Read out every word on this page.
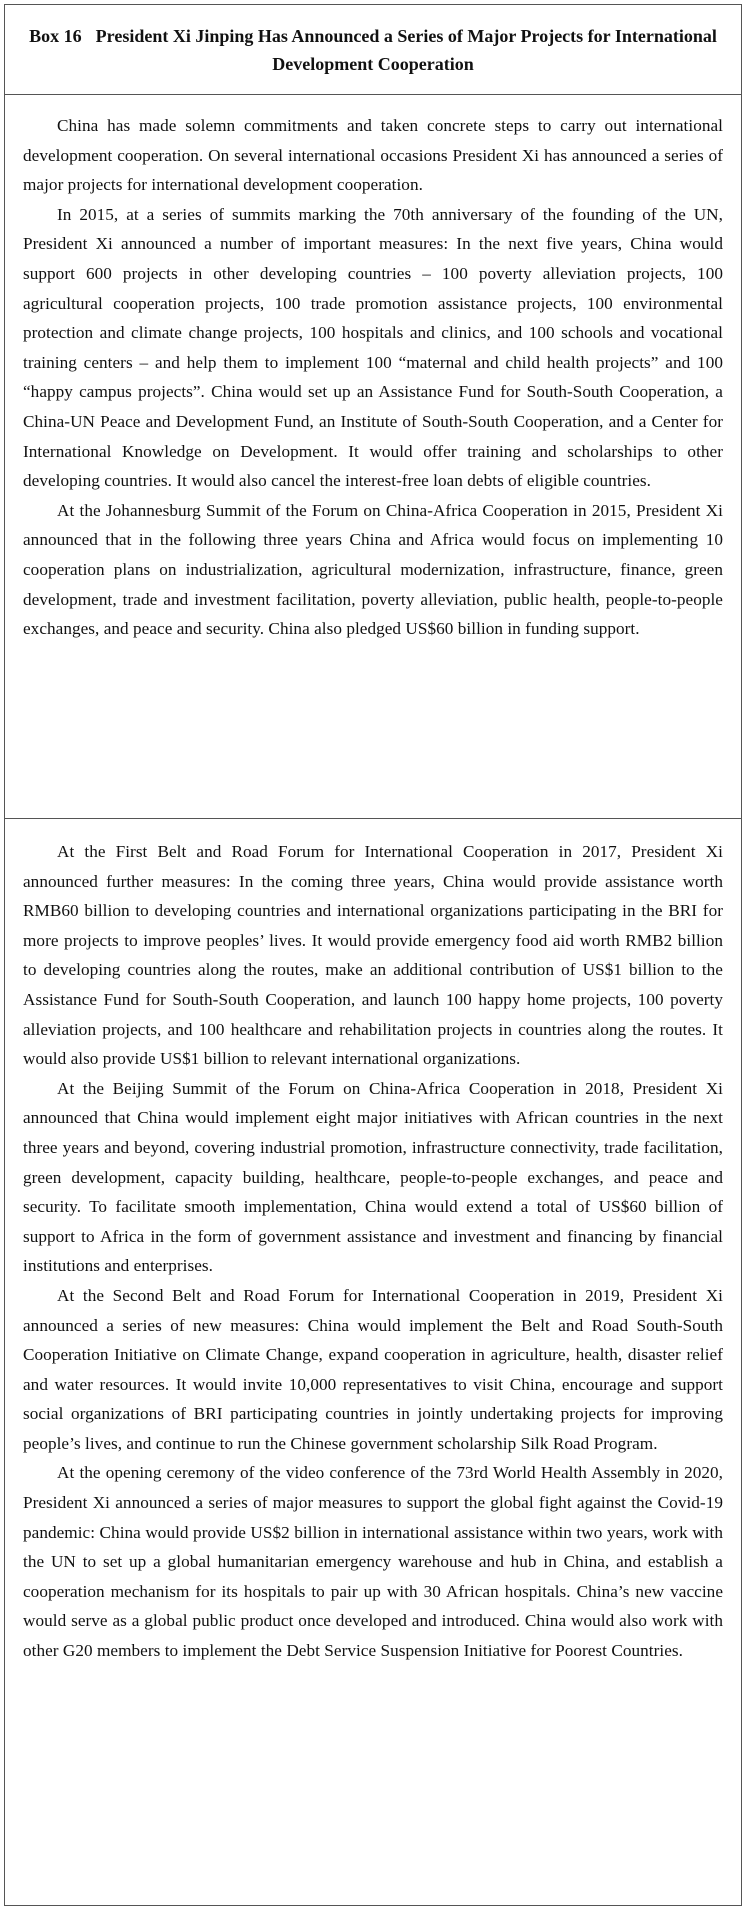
Box 16 President Xi Jinping Has Announced a Series of Major Projects for International Development Cooperation

China has made solemn commitments and taken concrete steps to carry out international development cooperation. On several international occasions President Xi has announced a series of major projects for international development cooperation.

In 2015, at a series of summits marking the 70th anniversary of the founding of the UN, President Xi announced a number of important measures: In the next five years, China would support 600 projects in other developing countries – 100 poverty alleviation projects, 100 agricultural cooperation projects, 100 trade promotion assistance projects, 100 environmental protection and climate change projects, 100 hospitals and clinics, and 100 schools and vocational training centers – and help them to implement 100 “maternal and child health projects” and 100 “happy campus projects”. China would set up an Assistance Fund for South-South Cooperation, a China-UN Peace and Development Fund, an Institute of South-South Cooperation, and a Center for International Knowledge on Development. It would offer training and scholarships to other developing countries. It would also cancel the interest-free loan debts of eligible countries.

At the Johannesburg Summit of the Forum on China-Africa Cooperation in 2015, President Xi announced that in the following three years China and Africa would focus on implementing 10 cooperation plans on industrialization, agricultural modernization, infrastructure, finance, green development, trade and investment facilitation, poverty alleviation, public health, people-to-people exchanges, and peace and security. China also pledged US$60 billion in funding support.

At the First Belt and Road Forum for International Cooperation in 2017, President Xi announced further measures: In the coming three years, China would provide assistance worth RMB60 billion to developing countries and international organizations participating in the BRI for more projects to improve peoples’ lives. It would provide emergency food aid worth RMB2 billion to developing countries along the routes, make an additional contribution of US$1 billion to the Assistance Fund for South-South Cooperation, and launch 100 happy home projects, 100 poverty alleviation projects, and 100 healthcare and rehabilitation projects in countries along the routes. It would also provide US$1 billion to relevant international organizations.

At the Beijing Summit of the Forum on China-Africa Cooperation in 2018, President Xi announced that China would implement eight major initiatives with African countries in the next three years and beyond, covering industrial promotion, infrastructure connectivity, trade facilitation, green development, capacity building, healthcare, people-to-people exchanges, and peace and security. To facilitate smooth implementation, China would extend a total of US$60 billion of support to Africa in the form of government assistance and investment and financing by financial institutions and enterprises.

At the Second Belt and Road Forum for International Cooperation in 2019, President Xi announced a series of new measures: China would implement the Belt and Road South-South Cooperation Initiative on Climate Change, expand cooperation in agriculture, health, disaster relief and water resources. It would invite 10,000 representatives to visit China, encourage and support social organizations of BRI participating countries in jointly undertaking projects for improving people’s lives, and continue to run the Chinese government scholarship Silk Road Program.

At the opening ceremony of the video conference of the 73rd World Health Assembly in 2020, President Xi announced a series of major measures to support the global fight against the Covid-19 pandemic: China would provide US$2 billion in international assistance within two years, work with the UN to set up a global humanitarian emergency warehouse and hub in China, and establish a cooperation mechanism for its hospitals to pair up with 30 African hospitals. China’s new vaccine would serve as a global public product once developed and introduced. China would also work with other G20 members to implement the Debt Service Suspension Initiative for Poorest Countries.
